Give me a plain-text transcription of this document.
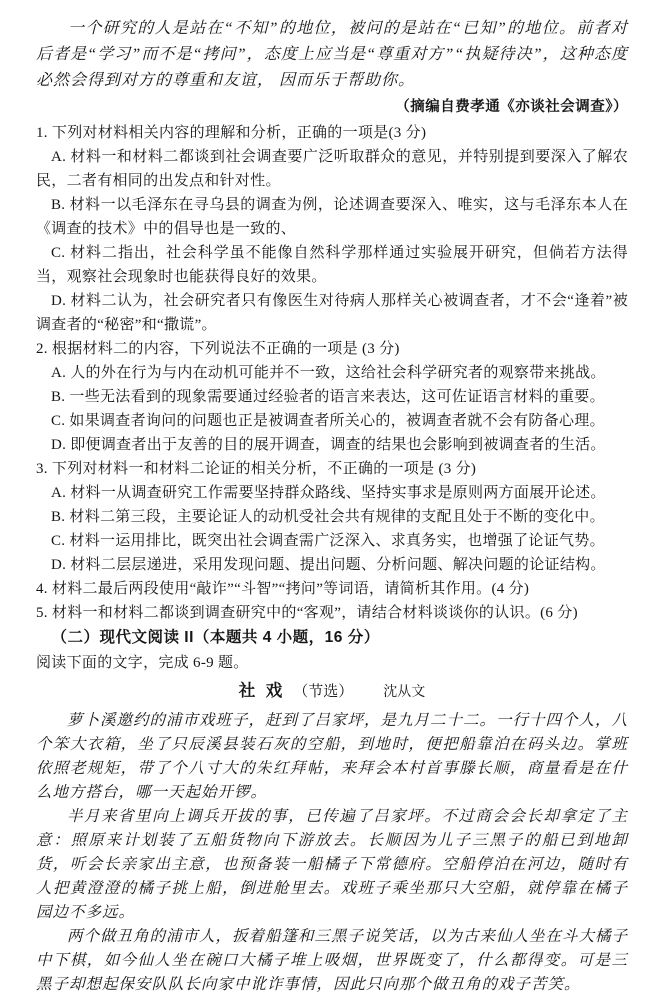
一个研究的人是站在“不知”的地位，被问的是站在“已知”的地位。前者对后者是“学习”而不是“拷问”，态度上应当是“尊重对方”“执疑待决”，这种态度必然会得到对方的尊重和友谊， 因而乐于帮助你。

（摘编自费孝通《亦谈社会调查》）

1. 下列对材料相关内容的理解和分析，正确的一项是(3 分)

A. 材料一和材料二都谈到社会调查要广泛听取群众的意见，并特别提到要深入了解农民，二者有相同的出发点和针对性。

B. 材料一以毛泽东在寻乌县的调查为例，论述调查要深入、唯实，这与毛泽东本人在《调查的技术》中的倡导也是一致的、

C. 材料二指出，社会科学虽不能像自然科学那样通过实验展开研究，但倘若方法得当，观察社会现象时也能获得良好的效果。

D. 材料二认为，社会研究者只有像医生对待病人那样关心被调查者，才不会“逢着”被调查者的“秘密”和“撒谎”。

2. 根据材料二的内容，下列说法不正确的一项是 (3 分)

A. 人的外在行为与内在动机可能并不一致，这给社会科学研究者的观察带来挑战。

B. 一些无法看到的现象需要通过经验者的语言来表达，这可佐证语言材料的重要。

C. 如果调查者询问的问题也正是被调查者所关心的，被调查者就不会有防备心理。

D. 即便调查者出于友善的目的展开调查，调查的结果也会影响到被调查者的生活。

3. 下列对材料一和材料二论证的相关分析，不正确的一项是 (3 分)

A. 材料一从调查研究工作需要坚持群众路线、坚持实事求是原则两方面展开论述。

B. 材料二第三段，主要论证人的动机受社会共有规律的支配且处于不断的变化中。

C. 材料一运用排比，既突出社会调查需广泛深入、求真务实，也增强了论证气势。

D. 材料二层层递进，采用发现问题、提出问题、分析问题、解决问题的论证结构。

4. 材料二最后两段使用“敲诈”“斗智”“拷问”等词语，请简析其作用。(4 分)

5. 材料一和材料二都谈到调查研究中的“客观”，请结合材料谈谈你的认识。(6 分)

（二）现代文阅读 II（本题共 4 小题，16 分）

阅读下面的文字，完成 6-9 题。

社 戏 （节选） 沈从文

萝卜溪邀约的浦市戏班子，赶到了吕家坪，是九月二十二。一行十四个人，八个笨大衣箱，坐了只辰溪县装石灰的空船，到地时，便把船靠泊在码头边。掌班依照老规矩，带了个八寸大的朱红拜帖，来拜会本村首事滕长顺，商量看是在什么地方搭台，哪一天起始开锣。

半月来省里向上调兵开拔的事，已传遍了吕家坪。不过商会会长却拿定了主意：照原来计划装了五船货物向下游放去。长顺因为儿子三黑子的船已到地卸货，听会长亲家出主意，也预备装一船橘子下常德府。空船停泊在河边，随时有人把黄澄澄的橘子挑上船，倒进舱里去。戏班子乘坐那只大空船，就停靠在橘子园边不多远。

两个做丑角的浦市人，扳着船篷和三黑子说笑话，以为古来仙人坐在斗大橘子中下棋，如今仙人坐在碗口大橘子堆上吸烟，世界既变了，什么都得变。可是三黑子却想起保安队队长向家中讹诈事情，因此只向那个做丑角的戏子苦笑。
